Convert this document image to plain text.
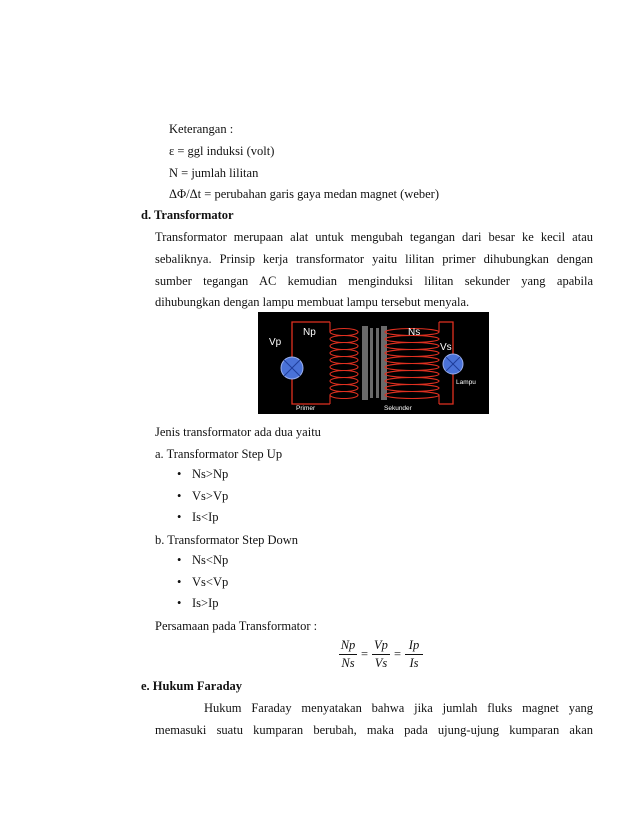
Keterangan :
ε = ggl induksi (volt)
N = jumlah lilitan
ΔΦ/Δt = perubahan garis gaya medan magnet (weber)
d. Transformator
Transformator merupaan alat untuk mengubah tegangan dari besar ke kecil atau
sebaliknya. Prinsip kerja transformator yaitu lilitan primer dihubungkan dengan
sumber tegangan AC kemudian menginduksi lilitan sekunder yang apabila
dihubungkan dengan lampu membuat lampu tersebut menyala.
Np	Ns
Vp	Vs
Lampu
Primer	Sekunder
Jenis transformator ada dua yaitu
a. Transformator Step Up
• Ns>Np
• Vs>Vp
• Is<Ip
b. Transformator Step Down
• Ns<Np
• Vs<Vp
• Is>Ip
Persamaan pada Transformator :
Np
Ns
=
Vp
Vs
=
Ip
Is
e. Hukum Faraday
Hukum Faraday menyatakan bahwa jika jumlah fluks magnet yang
memasuki suatu kumparan berubah, maka pada ujung-ujung kumparan akan
